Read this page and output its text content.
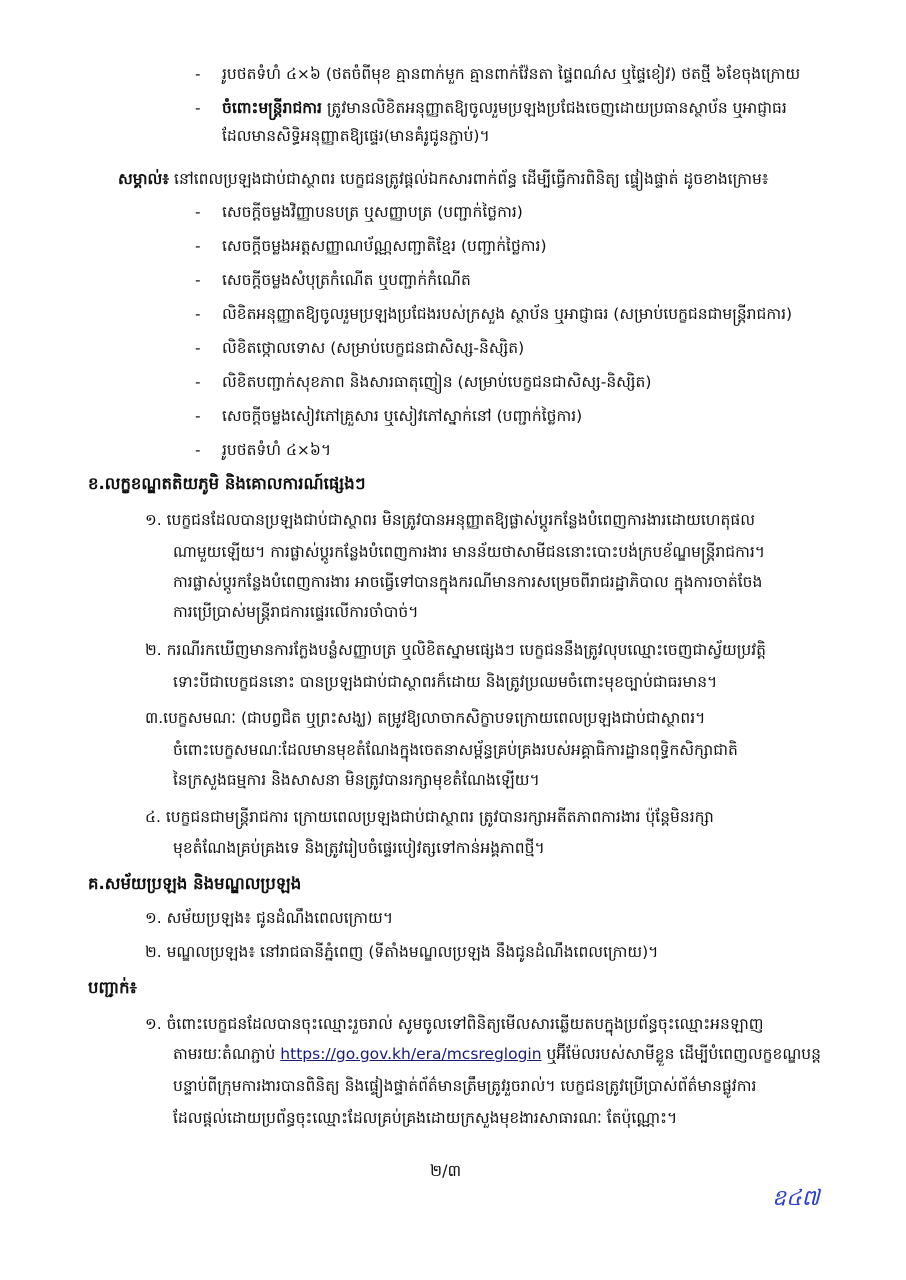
- រូបថតទំហំ ៤×៦ (ថតចំពីមុខ គ្មានពាក់មួក គ្មានពាក់វ៉ែនតា ផ្ទៃពណ៌ស ឬផ្ទៃខៀវ) ថតថ្មី ៦ខែចុងក្រោយ
- ចំពោះមន្ត្រីរាជការ ត្រូវមានលិខិតអនុញ្ញាតឱ្យចូលរួមប្រឡងប្រជែងចេញដោយប្រធានស្ថាប័ន ឬអាជ្ញាធរ
ដែលមានសិទ្ធិអនុញ្ញាតឱ្យផ្ទេរ(មានគំរូជូនភ្ជាប់)។
សម្គាល់៖ នៅពេលប្រឡងជាប់ជាស្ថាពរ បេក្ខជនត្រូវផ្តល់ឯកសារពាក់ព័ន្ធ ដើម្បីធ្វើការពិនិត្យ ផ្ទៀងផ្ទាត់ ដូចខាងក្រោម៖
- សេចក្តីចម្លងវិញ្ញាបនបត្រ ឬសញ្ញាបត្រ (បញ្ជាក់ថ្លៃការ)
- សេចក្តីចម្លងអត្តសញ្ញាណប័ណ្ណសញ្ជាតិខ្មែរ (បញ្ជាក់ថ្លៃការ)
- សេចក្តីចម្លងសំបុត្រកំណើត ឬបញ្ជាក់កំណើត
- លិខិតអនុញ្ញាតឱ្យចូលរួមប្រឡងប្រជែងរបស់ក្រសួង ស្ថាប័ន ឬអាជ្ញាធរ (សម្រាប់បេក្ខជនជាមន្ត្រីរាជការ)
- លិខិតថ្កោលទោស (សម្រាប់បេក្ខជនជាសិស្ស-និស្សិត)
- លិខិតបញ្ជាក់សុខភាព និងសារធាតុញៀន (សម្រាប់បេក្ខជនជាសិស្ស-និស្សិត)
- សេចក្តីចម្លងសៀវភៅគ្រួសារ ឬសៀវភៅស្នាក់នៅ (បញ្ជាក់ថ្លៃការ)
- រូបថតទំហំ ៤×៦។
ខ.លក្ខខណ្ឌតតិយភូមិ និងគោលការណ៍ផ្សេងៗ
១. បេក្ខជនដែលបានប្រឡងជាប់ជាស្ថាពរ មិនត្រូវបានអនុញ្ញាតឱ្យផ្លាស់ប្តូរកន្លែងបំពេញការងារដោយហេតុផល
ណាមួយឡើយ។ ការផ្លាស់ប្តូរកន្លែងបំពេញការងារ មានន័យថាសាមីជននោះបោះបង់ក្របខ័ណ្ឌមន្ត្រីរាជការ។
ការផ្លាស់ប្តូរកន្លែងបំពេញការងារ អាចធ្វើទៅបានក្នុងករណីមានការសម្រេចពីរាជរដ្ឋាភិបាល ក្នុងការចាត់ចែង
ការប្រើប្រាស់មន្ត្រីរាជការផ្ទេរលើការចាំបាច់។
២. ករណីរកឃើញមានការក្លែងបន្លំសញ្ញាបត្រ ឬលិខិតស្នាមផ្សេងៗ បេក្ខជននឹងត្រូវលុបឈ្មោះចេញជាស្វ័យប្រវត្តិ
ទោះបីជាបេក្ខជននោះ បានប្រឡងជាប់ជាស្ថាពរក៏ដោយ និងត្រូវប្រឈមចំពោះមុខច្បាប់ជាធរមាន។
៣.បេក្ខសមណៈ (ជាបព្វជិត ឬព្រះសង្ឃ) តម្រូវឱ្យលាចាកសិក្ខាបទក្រោយពេលប្រឡងជាប់ជាស្ថាពរ។
ចំពោះបេក្ខសមណៈដែលមានមុខតំណែងក្នុងចេតនាសម្ព័ន្ធគ្រប់គ្រងរបស់អគ្គាធិការដ្ឋានពុទ្ធិកសិក្សាជាតិ
នៃក្រសួងធម្មការ និងសាសនា មិនត្រូវបានរក្សាមុខតំណែងឡើយ។
៤. បេក្ខជនជាមន្ត្រីរាជការ ក្រោយពេលប្រឡងជាប់ជាស្ថាពរ ត្រូវបានរក្សាអតីតភាពការងារ ប៉ុន្តែមិនរក្សា
មុខតំណែងគ្រប់គ្រងទេ និងត្រូវរៀបចំផ្ទេរបៀវត្សទៅកាន់អង្គភាពថ្មី។
គ.សម័យប្រឡង និងមណ្ឌលប្រឡង
១. សម័យប្រឡង៖ ជូនដំណឹងពេលក្រោយ។
២. មណ្ឌលប្រឡង៖ នៅរាជធានីភ្នំពេញ (ទីតាំងមណ្ឌលប្រឡង នឹងជូនដំណឹងពេលក្រោយ)។
បញ្ជាក់៖
១. ចំពោះបេក្ខជនដែលបានចុះឈ្មោះរួចរាល់ សូមចូលទៅពិនិត្យមើលសារឆ្លើយតបក្នុងប្រព័ន្ធចុះឈ្មោះអនឡាញ
តាមរយៈតំណភ្ជាប់ https://go.gov.kh/era/mcsreglogin ឬអ៊ីម៉ែលរបស់សាមីខ្លួន ដើម្បីបំពេញលក្ខខណ្ឌបន្ត
បន្ទាប់ពីក្រុមការងារបានពិនិត្យ និងផ្ទៀងផ្ទាត់ព័ត៌មានត្រឹមត្រូវរួចរាល់។ បេក្ខជនត្រូវប្រើប្រាស់ព័ត៌មានផ្លូវការ
ដែលផ្តល់ដោយប្រព័ន្ធចុះឈ្មោះដែលគ្រប់គ្រងដោយក្រសួងមុខងារសាធារណៈ តែប៉ុណ្ណោះ។
២/៣
ឧ៤៧
